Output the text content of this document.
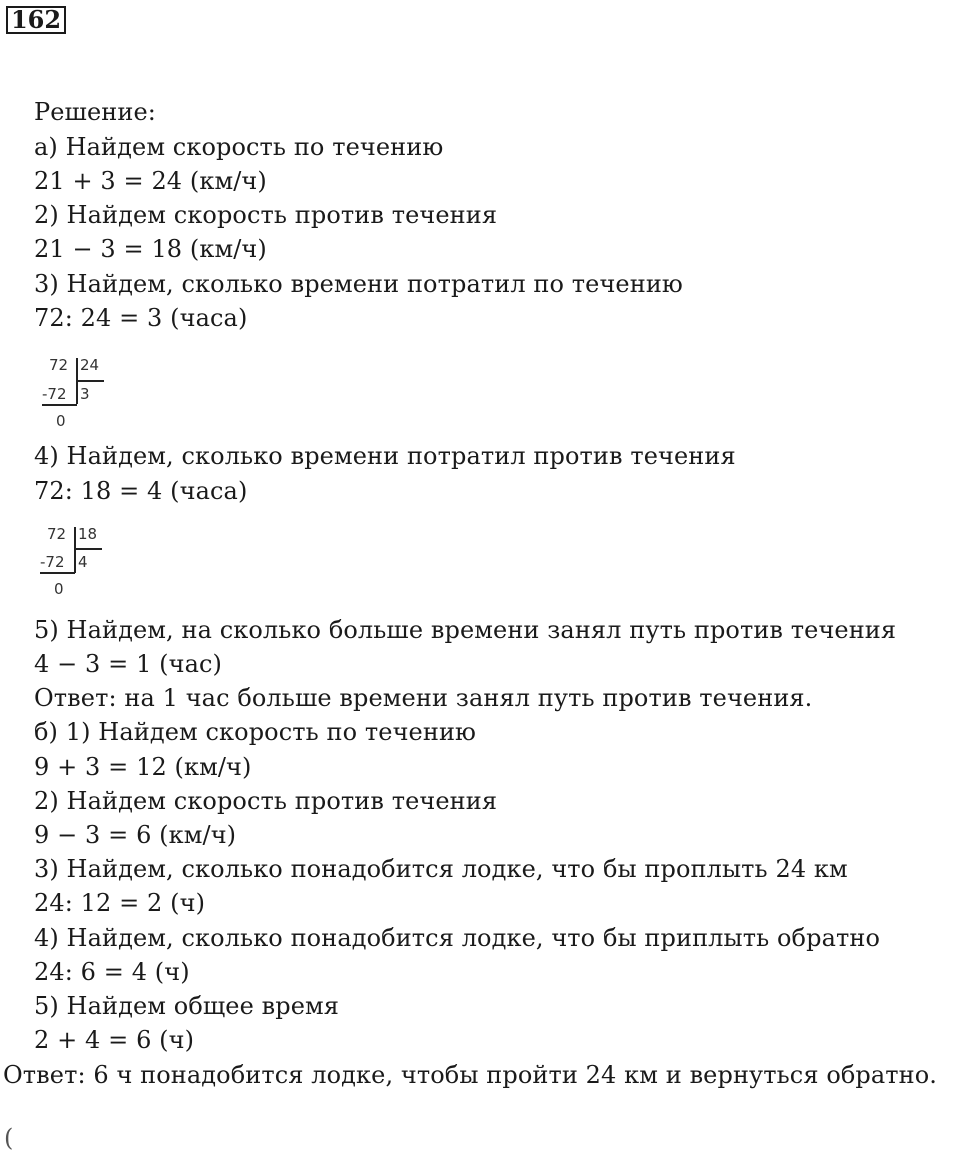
162
Решение:
а) Найдем скорость по течению
21 + 3 = 24 (км/ч)
2) Найдем скорость против течения
21 − 3 = 18 (км/ч)
3) Найдем, сколько времени потратил по течению
72: 24 = 3 (часа)
72 24
-72 3
0
4) Найдем, сколько времени потратил против течения
72: 18 = 4 (часа)
72 18
-72 4
0
5) Найдем, на сколько больше времени занял путь против течения
4 − 3 = 1 (час)
Ответ: на 1 час больше времени занял путь против течения.
б) 1) Найдем скорость по течению
9 + 3 = 12 (км/ч)
2) Найдем скорость против течения
9 − 3 = 6 (км/ч)
3) Найдем, сколько понадобится лодке, что бы проплыть 24 км
24: 12 = 2 (ч)
4) Найдем, сколько понадобится лодке, что бы приплыть обратно
24: 6 = 4 (ч)
5) Найдем общее время
2 + 4 = 6 (ч)
Ответ: 6 ч понадобится лодке, чтобы пройти 24 км и вернуться обратно.
(
